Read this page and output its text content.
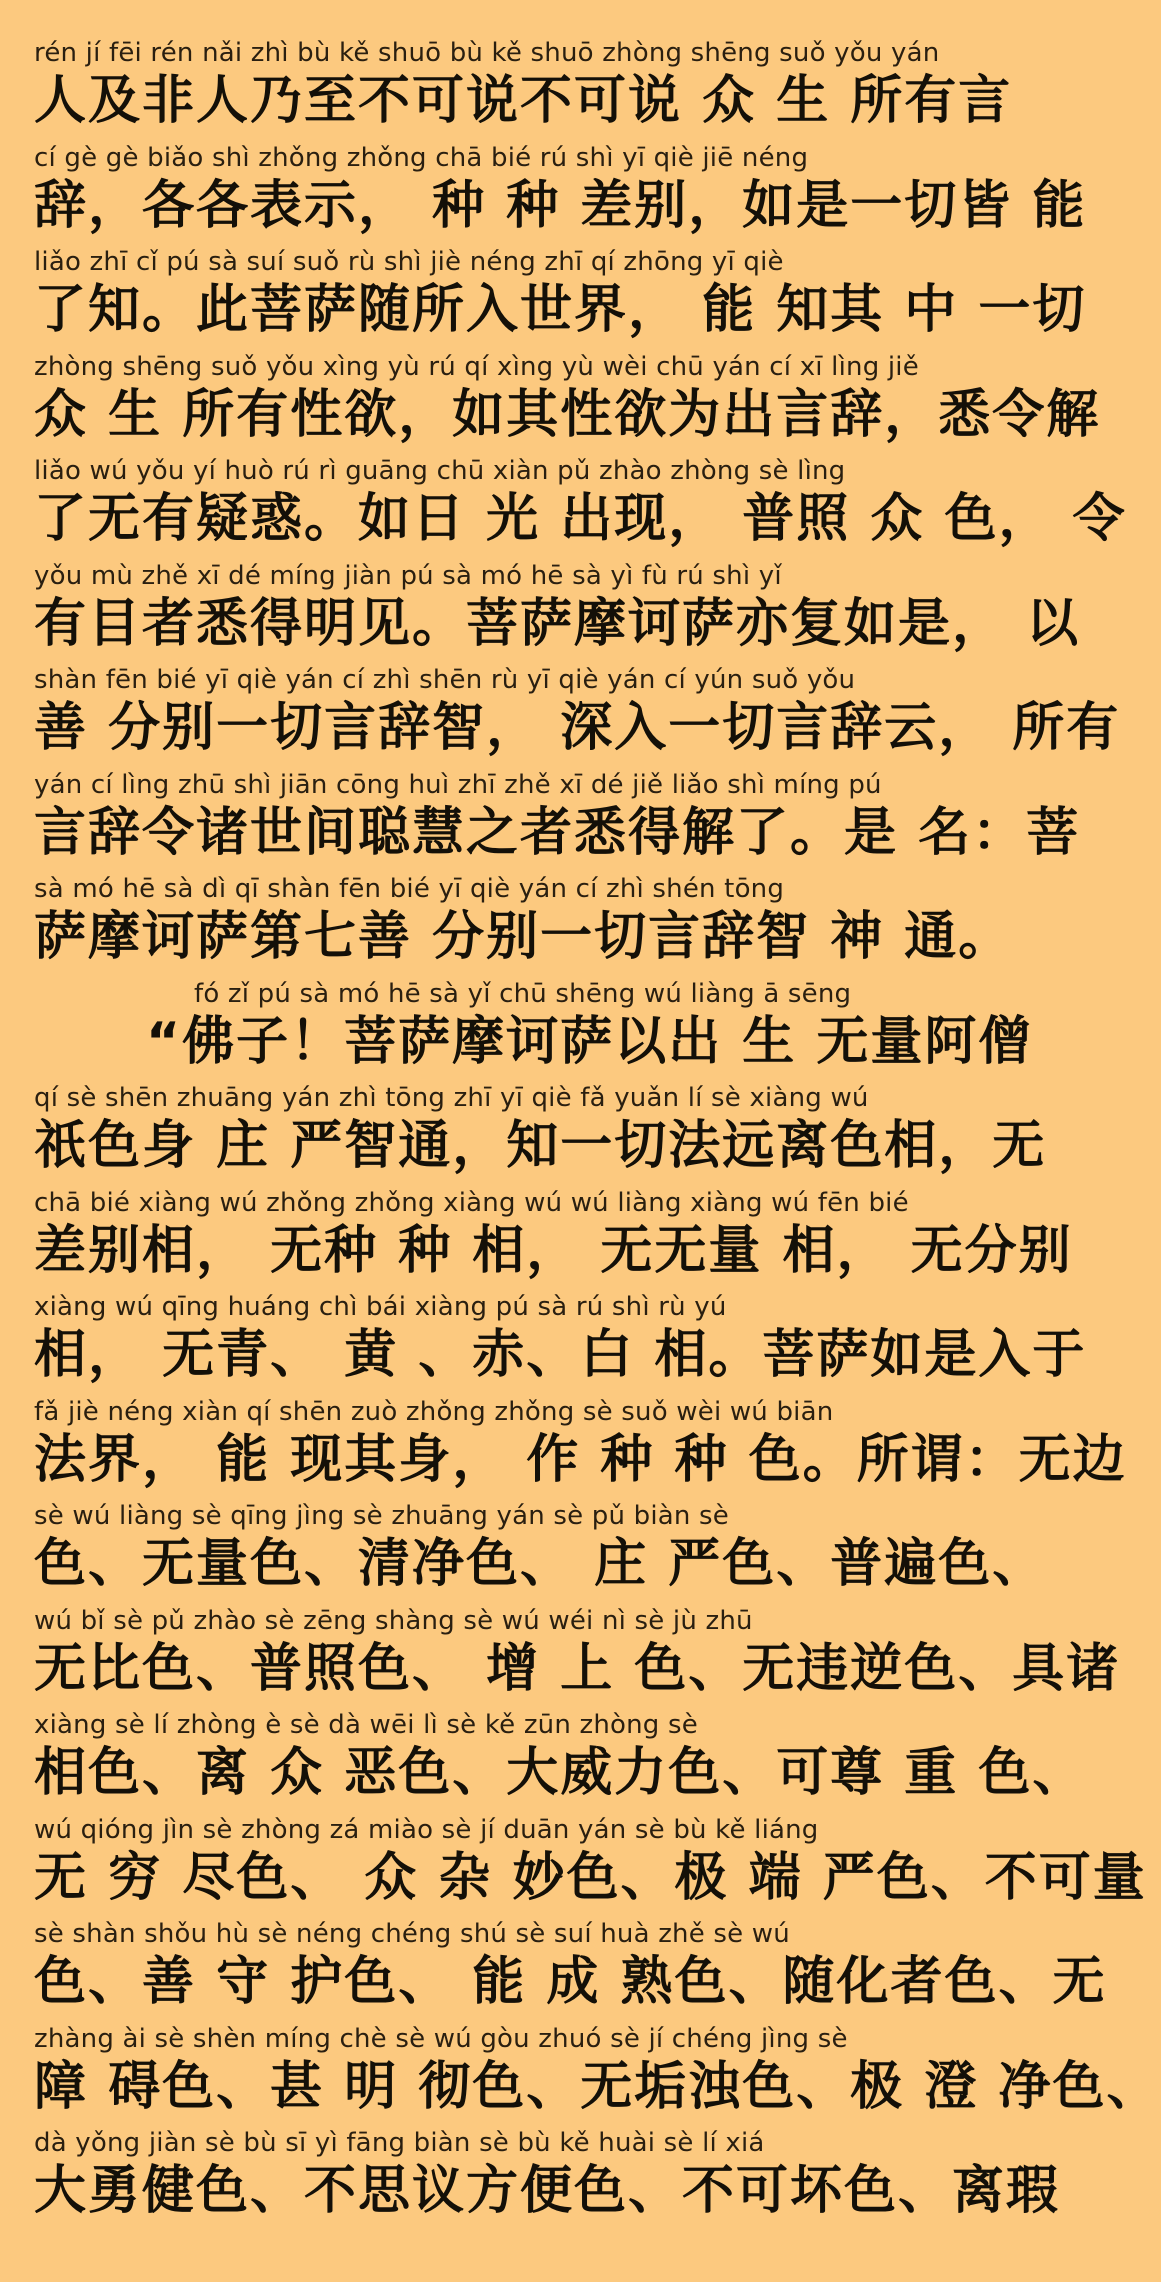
rén jí fēi rén nǎi zhì bù kě shuō bù kě shuō zhòng shēng suǒ yǒu yán
人及非人乃至不可说不可说 众 生 所有言
cí gè gè biǎo shì zhǒng zhǒng chā bié rú shì yī qiè jiē néng
辞，各各表示， 种 种 差别，如是一切皆 能
liǎo zhī cǐ pú sà suí suǒ rù shì jiè néng zhī qí zhōng yī qiè
了知。此菩萨随所入世界， 能 知其 中 一切
zhòng shēng suǒ yǒu xìng yù rú qí xìng yù wèi chū yán cí xī lìng jiě
众 生 所有性欲，如其性欲为出言辞，悉令解
liǎo wú yǒu yí huò rú rì guāng chū xiàn pǔ zhào zhòng sè lìng
了无有疑惑。如日 光 出现， 普照 众 色， 令
yǒu mù zhě xī dé míng jiàn pú sà mó hē sà yì fù rú shì yǐ
有目者悉得明见。菩萨摩诃萨亦复如是， 以
shàn fēn bié yī qiè yán cí zhì shēn rù yī qiè yán cí yún suǒ yǒu
善 分别一切言辞智， 深入一切言辞云， 所有
yán cí lìng zhū shì jiān cōng huì zhī zhě xī dé jiě liǎo shì míng pú
言辞令诸世间聪慧之者悉得解了。是 名：菩
sà mó hē sà dì qī shàn fēn bié yī qiè yán cí zhì shén tōng
萨摩诃萨第七善 分别一切言辞智 神 通。
fó zǐ pú sà mó hē sà yǐ chū shēng wú liàng ā sēng
“佛子！菩萨摩诃萨以出 生 无量阿僧
qí sè shēn zhuāng yán zhì tōng zhī yī qiè fǎ yuǎn lí sè xiàng wú
祇色身 庄 严智通，知一切法远离色相，无
chā bié xiàng wú zhǒng zhǒng xiàng wú wú liàng xiàng wú fēn bié
差别相， 无种 种 相， 无无量 相， 无分别
xiàng wú qīng huáng chì bái xiàng pú sà rú shì rù yú
相， 无青、 黄 、赤、白 相。菩萨如是入于
fǎ jiè néng xiàn qí shēn zuò zhǒng zhǒng sè suǒ wèi wú biān
法界， 能 现其身， 作 种 种 色。所谓：无边
sè wú liàng sè qīng jìng sè zhuāng yán sè pǔ biàn sè
色、无量色、清净色、 庄 严色、普遍色、
wú bǐ sè pǔ zhào sè zēng shàng sè wú wéi nì sè jù zhū
无比色、普照色、 增 上 色、无违逆色、具诸
xiàng sè lí zhòng è sè dà wēi lì sè kě zūn zhòng sè
相色、离 众 恶色、大威力色、可尊 重 色、
wú qióng jìn sè zhòng zá miào sè jí duān yán sè bù kě liáng
无 穷 尽色、 众 杂 妙色、极 端 严色、不可量
sè shàn shǒu hù sè néng chéng shú sè suí huà zhě sè wú
色、善 守 护色、 能 成 熟色、随化者色、无
zhàng ài sè shèn míng chè sè wú gòu zhuó sè jí chéng jìng sè
障 碍色、甚 明 彻色、无垢浊色、极 澄 净色、
dà yǒng jiàn sè bù sī yì fāng biàn sè bù kě huài sè lí xiá
大勇健色、不思议方便色、不可坏色、离瑕
